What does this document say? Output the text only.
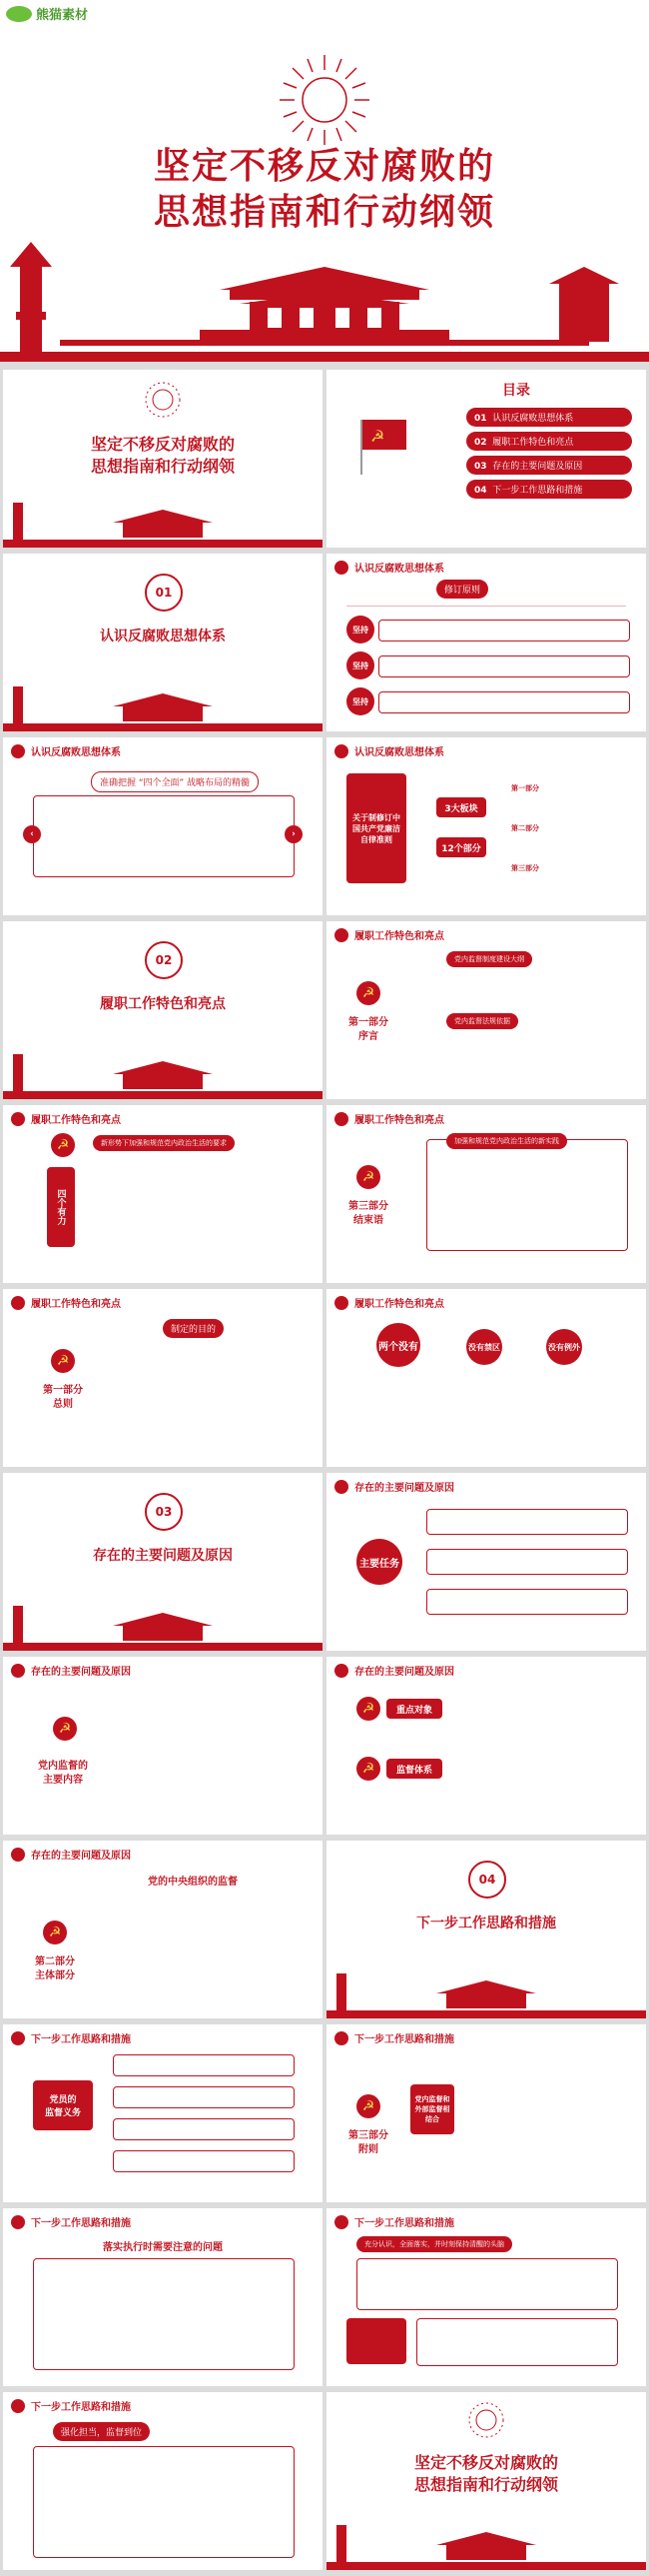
熊猫素材
坚定不移反对腐败的
思想指南和行动纲领
坚定不移反对腐败的
思想指南和行动纲领
目录
☭
01 认识反腐败思想体系
02 履职工作特色和亮点
03 存在的主要问题及原因
04 下一步工作思路和措施
01
认识反腐败思想体系
认识反腐败思想体系
修订原则
坚持
坚持
坚持
认识反腐败思想体系
准确把握 “四个全面” 战略布局的精髓
‹	›
认识反腐败思想体系
关于制修订中国共产党廉洁自律准则
3大板块
12个部分
第一部分
第二部分
第三部分
02
履职工作特色和亮点
履职工作特色和亮点
☭
第一部分
序言
党内监督制度建设大纲
党内监督法规依据
履职工作特色和亮点
☭
新形势下加强和规范党内政治生活的要求
四个有力
履职工作特色和亮点
☭
第三部分
结束语
加强和规范党内政治生活的新实践
履职工作特色和亮点
☭
第一部分
总则
制定的目的
履职工作特色和亮点
两个没有	没有禁区	没有例外
03
存在的主要问题及原因
存在的主要问题及原因
主要任务
存在的主要问题及原因
☭
党内监督的
主要内容
存在的主要问题及原因
☭
重点对象
☭
监督体系
存在的主要问题及原因
党的中央组织的监督
☭
第二部分
主体部分
04
下一步工作思路和措施
下一步工作思路和措施
党员的
监督义务
下一步工作思路和措施
☭
第三部分
附则
党内监督和外部监督相结合
下一步工作思路和措施
落实执行时需要注意的问题
下一步工作思路和措施
充分认识，全面落实，并时刻保持清醒的头脑
下一步工作思路和措施
强化担当，监督到位
坚定不移反对腐败的
思想指南和行动纲领
